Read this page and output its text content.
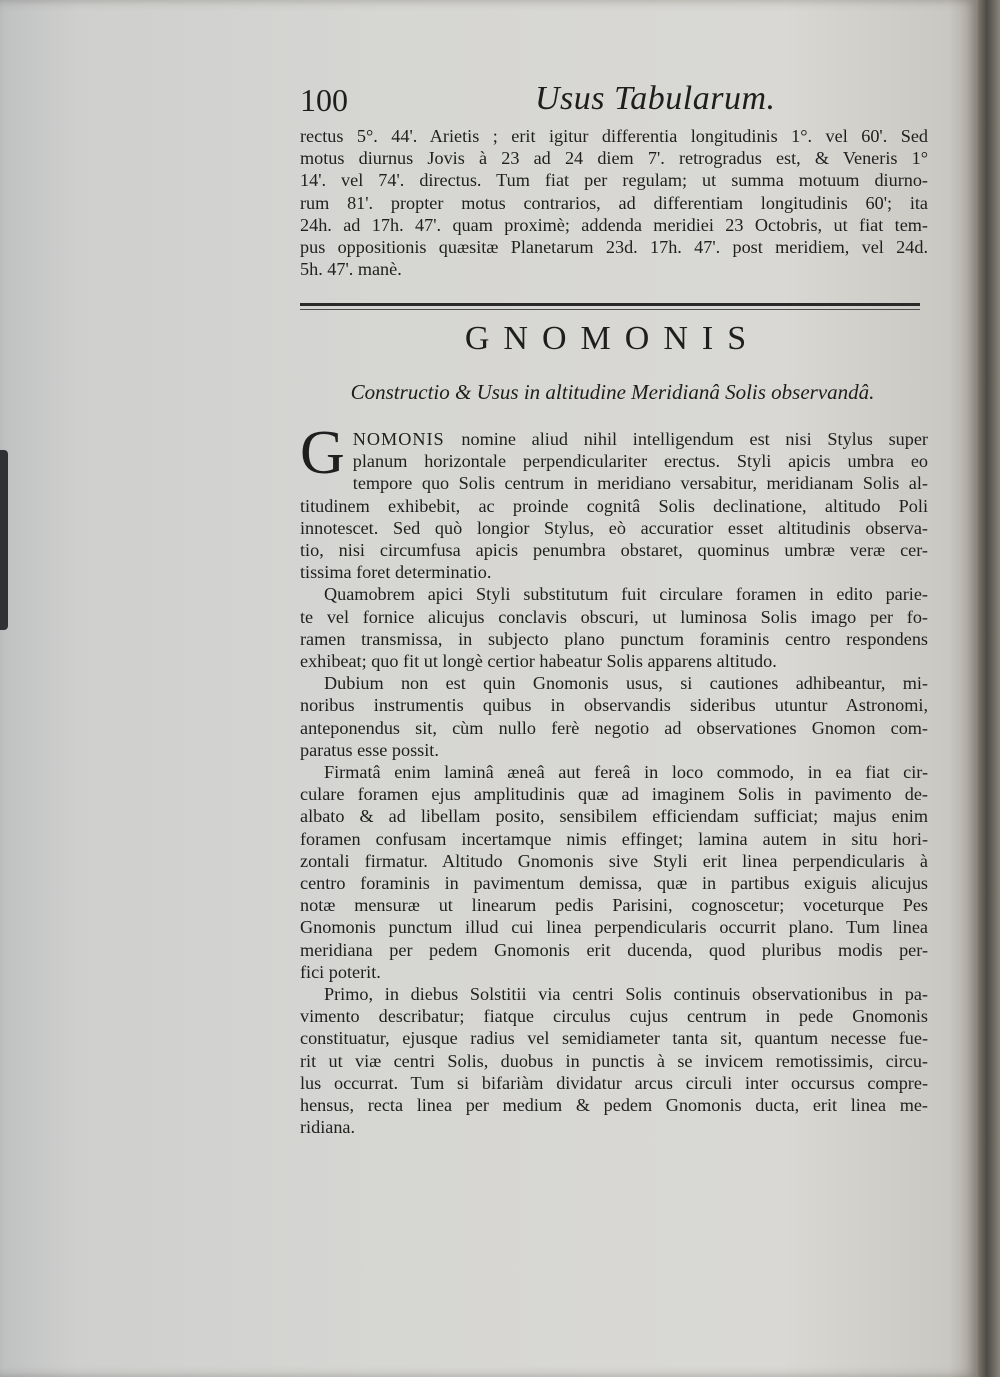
100	Usus Tabularum.
rectus 5°. 44'. Arietis ; erit igitur differentia longitudinis 1°. vel 60'. Sed
motus diurnus Jovis à 23 ad 24 diem 7'. retrogradus est, & Veneris 1°
14'. vel 74'. directus. Tum fiat per regulam; ut summa motuum diurno-
rum 81'. propter motus contrarios, ad differentiam longitudinis 60'; ita
24h. ad 17h. 47'. quam proximè; addenda meridiei 23 Octobris, ut fiat tem-
pus oppositionis quæsitæ Planetarum 23d. 17h. 47'. post meridiem, vel 24d.
5h. 47'. manè.
GNOMONIS
Constructio & Usus in altitudine Meridianâ Solis observandâ.
G NOMONIS nomine aliud nihil intelligendum est nisi Stylus super
planum horizontale perpendiculariter erectus. Styli apicis umbra eo
tempore quo Solis centrum in meridiano versabitur, meridianam Solis al-
titudinem exhibebit, ac proinde cognitâ Solis declinatione, altitudo Poli
innotescet. Sed quò longior Stylus, eò accuratior esset altitudinis observa-
tio, nisi circumfusa apicis penumbra obstaret, quominus umbræ veræ cer-
tissima foret determinatio.
Quamobrem apici Styli substitutum fuit circulare foramen in edito parie-
te vel fornice alicujus conclavis obscuri, ut luminosa Solis imago per fo-
ramen transmissa, in subjecto plano punctum foraminis centro respondens
exhibeat; quo fit ut longè certior habeatur Solis apparens altitudo.
Dubium non est quin Gnomonis usus, si cautiones adhibeantur, mi-
noribus instrumentis quibus in observandis sideribus utuntur Astronomi,
anteponendus sit, cùm nullo ferè negotio ad observationes Gnomon com-
paratus esse possit.
Firmatâ enim laminâ æneâ aut fereâ in loco commodo, in ea fiat cir-
culare foramen ejus amplitudinis quæ ad imaginem Solis in pavimento de-
albato & ad libellam posito, sensibilem efficiendam sufficiat; majus enim
foramen confusam incertamque nimis effinget; lamina autem in situ hori-
zontali firmatur. Altitudo Gnomonis sive Styli erit linea perpendicularis à
centro foraminis in pavimentum demissa, quæ in partibus exiguis alicujus
notæ mensuræ ut linearum pedis Parisini, cognoscetur; voceturque Pes
Gnomonis punctum illud cui linea perpendicularis occurrit plano. Tum linea
meridiana per pedem Gnomonis erit ducenda, quod pluribus modis per-
fici poterit.
Primo, in diebus Solstitii via centri Solis continuis observationibus in pa-
vimento describatur; fiatque circulus cujus centrum in pede Gnomonis
constituatur, ejusque radius vel semidiameter tanta sit, quantum necesse fue-
rit ut viæ centri Solis, duobus in punctis à se invicem remotissimis, circu-
lus occurrat. Tum si bifariàm dividatur arcus circuli inter occursus compre-
hensus, recta linea per medium & pedem Gnomonis ducta, erit linea me-
ridiana.
